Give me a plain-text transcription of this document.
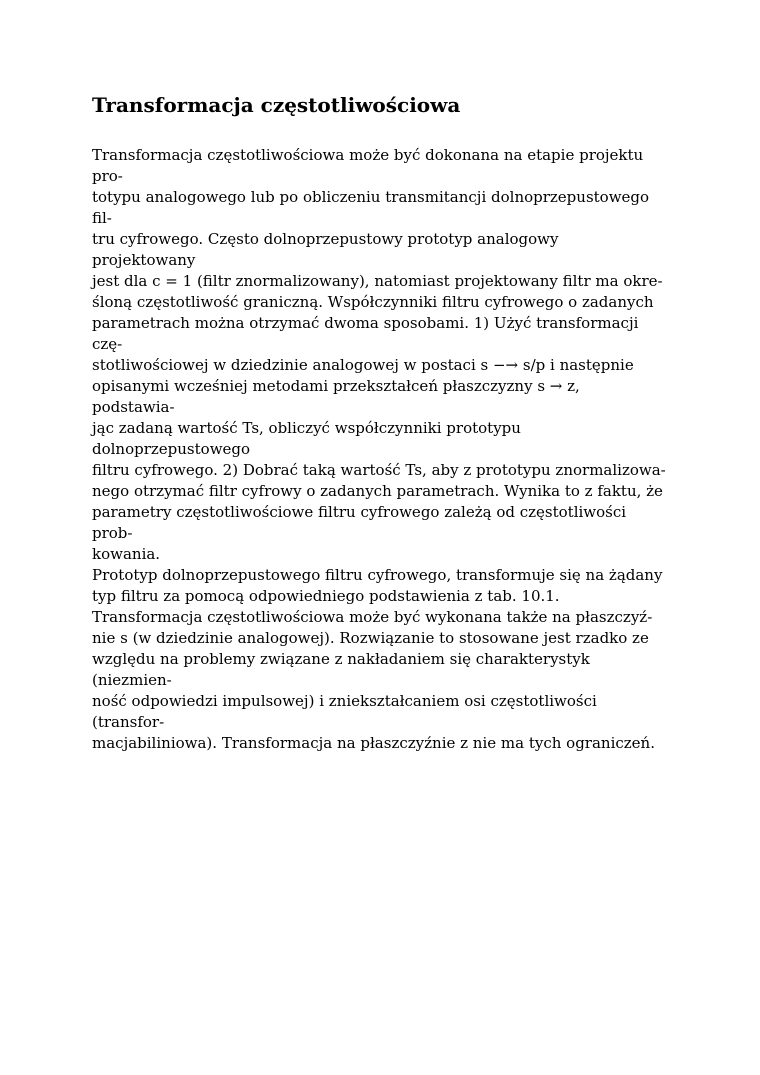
Transformacja częstotliwościowa
Transformacja częstotliwościowa może być dokonana na etapie projektu
pro-
totypu analogowego lub po obliczeniu transmitancji dolnoprzepustowego
fil-
tru cyfrowego. Często dolnoprzepustowy prototyp analogowy
projektowany
jest dla c = 1 (filtr znormalizowany), natomiast projektowany filtr ma okre-
śloną częstotliwość graniczną. Współczynniki filtru cyfrowego o zadanych
parametrach można otrzymać dwoma sposobami. 1) Użyć transformacji
czę-
stotliwościowej w dziedzinie analogowej w postaci s −→ s/p i następnie
opisanymi wcześniej metodami przekształceń płaszczyzny s → z,
podstawia-
jąc zadaną wartość Ts, obliczyć współczynniki prototypu
dolnoprzepustowego
filtru cyfrowego. 2) Dobrać taką wartość Ts, aby z prototypu znormalizowa-
nego otrzymać filtr cyfrowy o zadanych parametrach. Wynika to z faktu, że
parametry częstotliwościowe filtru cyfrowego zależą od częstotliwości
prob-
kowania.
Prototyp dolnoprzepustowego filtru cyfrowego, transformuje się na żądany
typ filtru za pomocą odpowiedniego podstawienia z tab. 10.1.
Transformacja częstotliwościowa może być wykonana także na płaszczyź-
nie s (w dziedzinie analogowej). Rozwiązanie to stosowane jest rzadko ze
względu na problemy związane z nakładaniem się charakterystyk
(niezmien-
ność odpowiedzi impulsowej) i zniekształcaniem osi częstotliwości
(transfor-
macjabiliniowa). Transformacja na płaszczyźnie z nie ma tych ograniczeń.
